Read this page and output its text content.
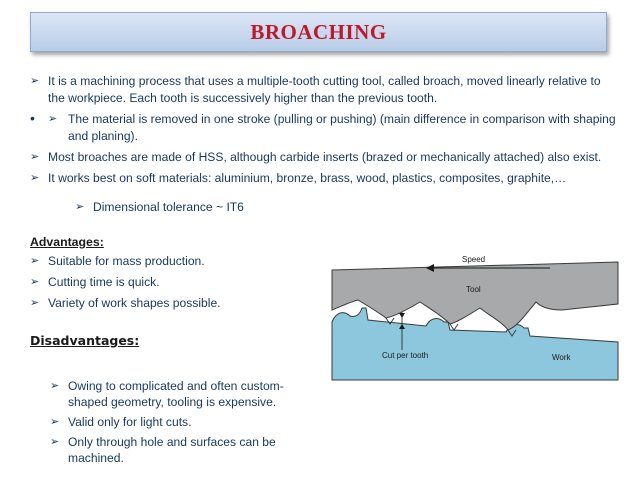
BROACHING
➢ It is a machining process that uses a multiple-tooth cutting tool, called broach, moved linearly relative to the workpiece. Each tooth is successively higher than the previous tooth.
• ➢ The material is removed in one stroke (pulling or pushing) (main difference in comparison with shaping and planing).
➢ Most broaches are made of HSS, although carbide inserts (brazed or mechanically attached) also exist.
➢ It works best on soft materials: aluminium, bronze, brass, wood, plastics, composites, graphite,…
➢ Dimensional tolerance ~ IT6
Advantages:
➢ Suitable for mass production.
➢ Cutting time is quick.
➢ Variety of work shapes possible.
Disadvantages:
➢ Owing to complicated and often custom-shaped geometry, tooling is expensive.
➢ Valid only for light cuts.
➢ Only through hole and surfaces can be machined.
Speed
Tool
Cut per tooth	Work
